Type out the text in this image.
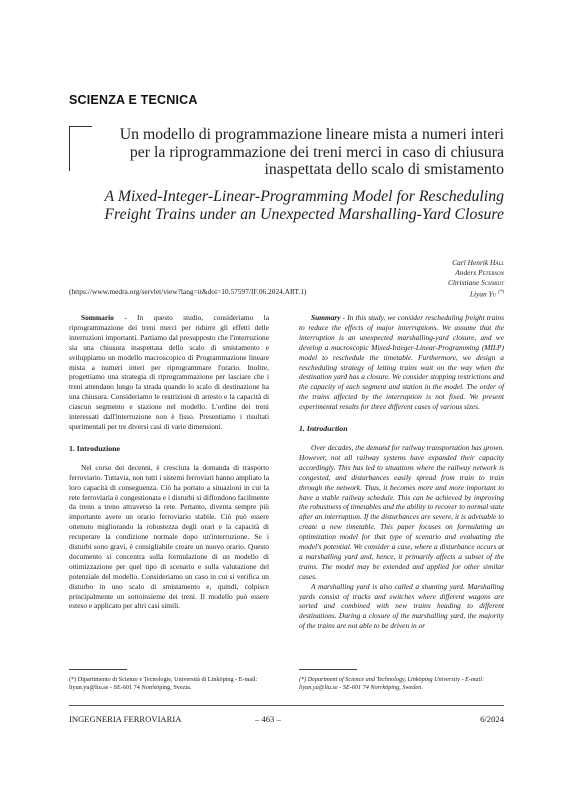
SCIENZA E TECNICA
Un modello di programmazione lineare mista a numeri interi per la riprogrammazione dei treni merci in caso di chiusura inaspettata dello scalo di smistamento
A Mixed-Integer-Linear-Programming Model for Rescheduling Freight Trains under an Unexpected Marshalling-Yard Closure
Carl Henrik Häll
Anders Peterson
Christiane Schmidt
Liyun Yu (*)
(https://www.medra.org/servlet/view?lang=it&doi=10.57597/IF.06.2024.ART.1)

Sommario - In questo studio, consideriamo la riprogrammazione dei treni merci per ridurre gli effetti delle interruzioni importanti. Partiamo dal presupposto che l'interruzione sia una chiusura inaspettata dello scalo di smistamento e sviluppiamo un modello macroscopico di Programmazione lineare mista a numeri interi per riprogrammare l'orario. Inoltre, progettiamo una strategia di riprogrammazione per lasciare che i treni attendano lungo la strada quando lo scalo di destinazione ha una chiusura. Consideriamo le restrizioni di arresto e la capacità di ciascun segmento e stazione nel modello. L'ordine dei treni interessati dall'interruzione non è fisso. Presentiamo i risultati sperimentali per tre diversi casi di varie dimensioni.

1. Introduzione

Nel corso dei decenni, è cresciuta la domanda di trasporto ferroviario. Tuttavia, non tutti i sistemi ferroviari hanno ampliato la loro capacità di conseguenza. Ciò ha portato a situazioni in cui la rete ferroviaria è congestionata e i disturbi si diffondono facilmente da treno a treno attraverso la rete. Pertanto, diventa sempre più importante avere un orario ferroviario stabile. Ciò può essere ottenuto migliorando la robustezza degli orari e la capacità di recuperare la condizione normale dopo un'interruzione. Se i disturbi sono gravi, è consigliabile creare un nuovo orario. Questo documento si concentra sulla formulazione di un modello di ottimizzazione per quel tipo di scenario e sulla valutazione del potenziale del modello. Consideriamo un caso in cui si verifica un disturbo in uno scalo di smistamento e, quindi, colpisce principalmente un sottoinsieme dei treni. Il modello può essere esteso e applicato per altri casi simili.

Summary - In this study, we consider rescheduling freight trains to reduce the effects of major interruptions. We assume that the interruption is an unexpected marshalling-yard closure, and we develop a macroscopic Mixed-Integer-Linear-Programming (MILP) model to reschedule the timetable. Furthermore, we design a rescheduling strategy of letting trains wait on the way when the destination yard has a closure. We consider stopping restrictions and the capacity of each segment and station in the model. The order of the trains affected by the interruption is not fixed. We present experimental results for three different cases of various sizes.

1. Introduction

Over decades, the demand for railway transportation has grown. However, not all railway systems have expanded their capacity accordingly. This has led to situations where the railway network is congested, and disturbances easily spread from train to train through the network. Thus, it becomes more and more important to have a stable railway schedule. This can be achieved by improving the robustness of timetables and the ability to recover to normal state after an interruption. If the disturbances are severe, it is advisable to create a new timetable. This paper focuses on formulating an optimization model for that type of scenario and evaluating the model's potential. We consider a case, where a disturbance occurs at a marshalling yard and, hence, it primarily affects a subset of the trains. The model may be extended and applied for other similar cases.

A marshalling yard is also called a shunting yard. Marshalling yards consist of tracks and switches where different wagons are sorted and combined with new trains heading to different destinations. During a closure of the marshalling yard, the majority of the trains are not able to be driven in or

(*) Dipartimento di Scienze e Tecnologie, Università di Linköping - E-mail: liyun.yu@liu.se - SE-601 74 Norrköping, Svezia.
(*) Department of Science and Technology, Linköping University - E-mail: liyun.yu@liu.se - SE-601 74 Norrköping, Sweden.
INGEGNERIA FERROVIARIA	– 463 –	6/2024
